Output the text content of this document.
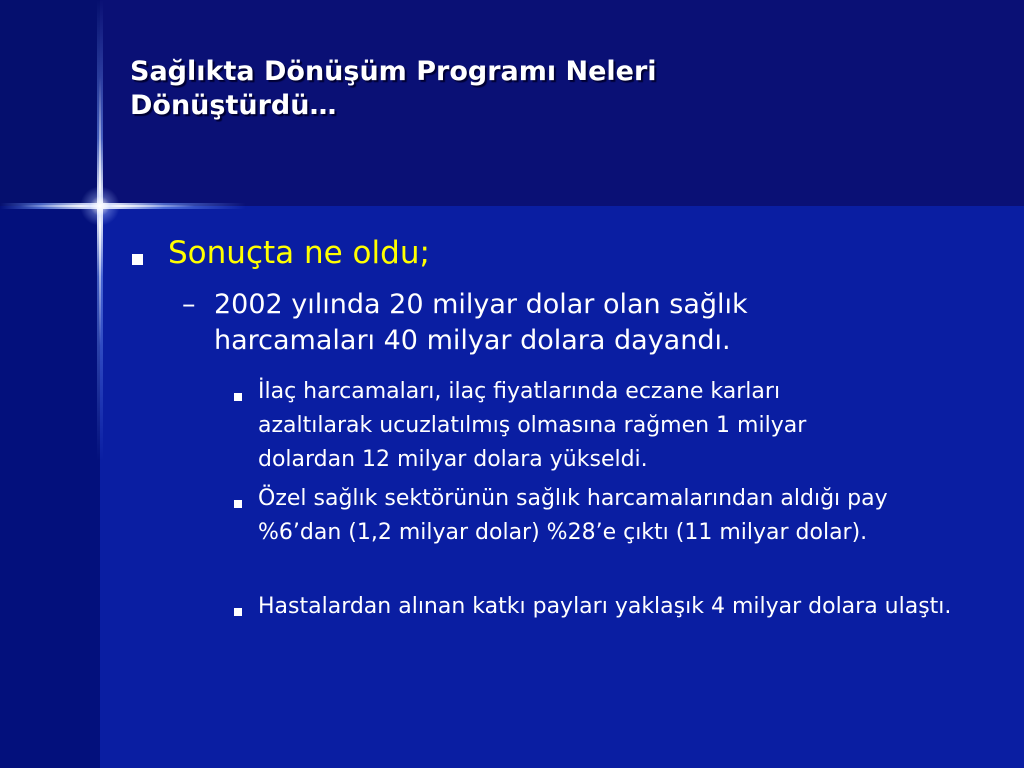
Sağlıkta Dönüşüm Programı Neleri
Dönüştürdü…
Sonuçta ne oldu;
– 2002 yılında 20 milyar dolar olan sağlık harcamaları 40 milyar dolara dayandı.
İlaç harcamaları, ilaç fiyatlarında eczane karları azaltılarak ucuzlatılmış olmasına rağmen 1 milyar dolardan 12 milyar dolara yükseldi.
Özel sağlık sektörünün sağlık harcamalarından aldığı pay %6’dan (1,2 milyar dolar) %28’e çıktı (11 milyar dolar).
Hastalardan alınan katkı payları yaklaşık 4 milyar dolara ulaştı.
